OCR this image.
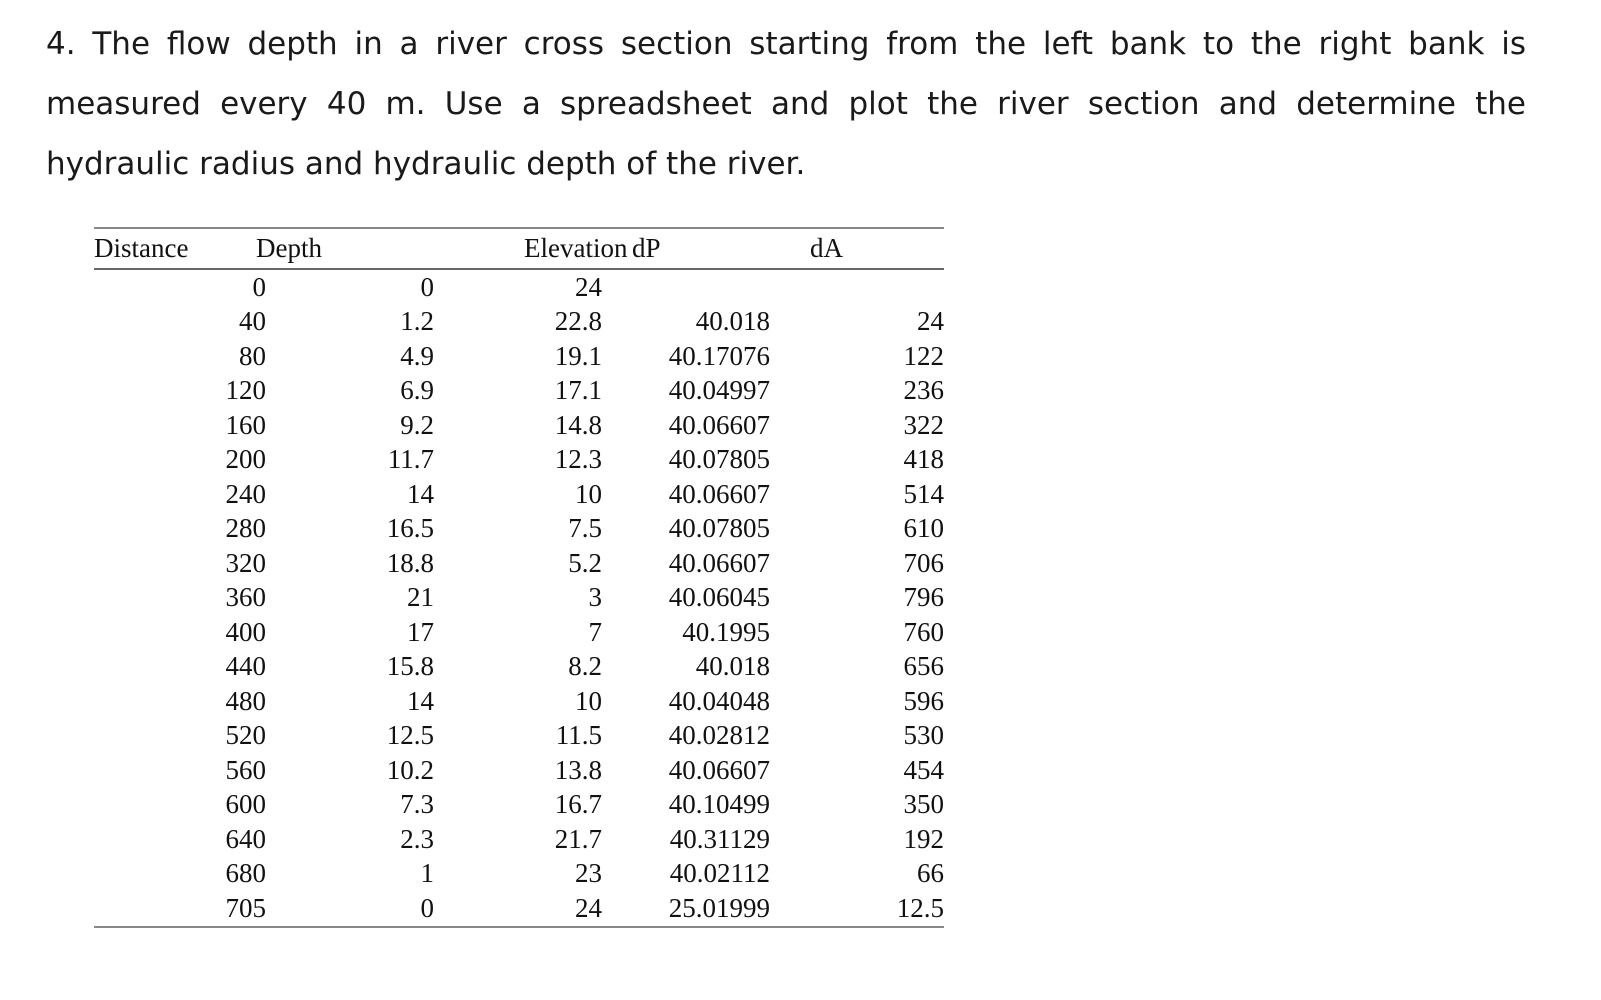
4. The flow depth in a river cross section starting from the left bank to the right bank is measured every 40 m. Use a spreadsheet and plot the river section and determine the hydraulic radius and hydraulic depth of the river.

Distance	Depth	Elevation	dP	dA
0	0	24		
40	1.2	22.8	40.018	24
80	4.9	19.1	40.17076	122
120	6.9	17.1	40.04997	236
160	9.2	14.8	40.06607	322
200	11.7	12.3	40.07805	418
240	14	10	40.06607	514
280	16.5	7.5	40.07805	610
320	18.8	5.2	40.06607	706
360	21	3	40.06045	796
400	17	7	40.1995	760
440	15.8	8.2	40.018	656
480	14	10	40.04048	596
520	12.5	11.5	40.02812	530
560	10.2	13.8	40.06607	454
600	7.3	16.7	40.10499	350
640	2.3	21.7	40.31129	192
680	1	23	40.02112	66
705	0	24	25.01999	12.5
